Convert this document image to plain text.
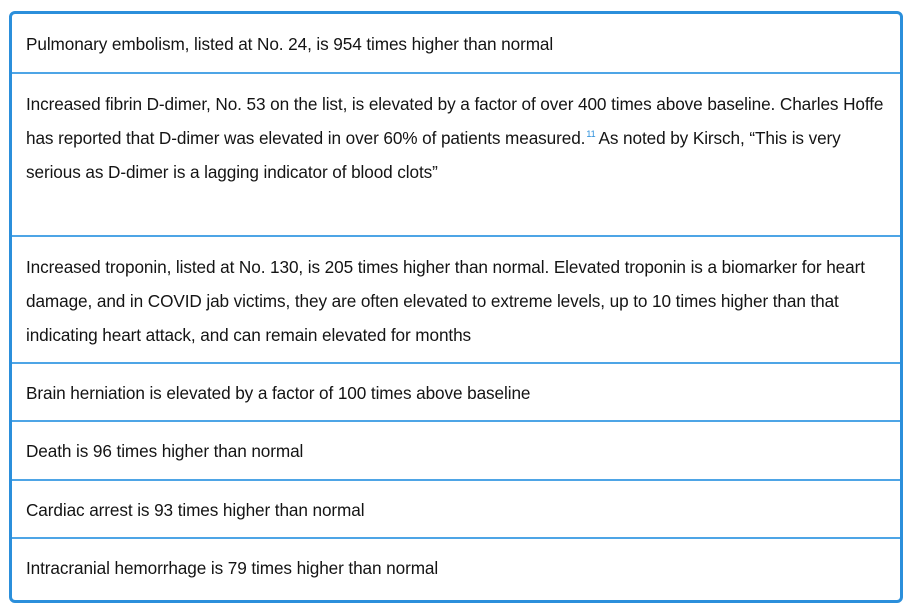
Pulmonary embolism, listed at No. 24, is 954 times higher than normal
Increased fibrin D-dimer, No. 53 on the list, is elevated by a factor of over 400 times above baseline. Charles Hoffe has reported that D-dimer was elevated in over 60% of patients measured.$^{11}$ As noted by Kirsch, “This is very serious as D-dimer is a lagging indicator of blood clots”
Increased troponin, listed at No. 130, is 205 times higher than normal. Elevated troponin is a biomarker for heart damage, and in COVID jab victims, they are often elevated to extreme levels, up to 10 times higher than that indicating heart attack, and can remain elevated for months
Brain herniation is elevated by a factor of 100 times above baseline
Death is 96 times higher than normal
Cardiac arrest is 93 times higher than normal
Intracranial hemorrhage is 79 times higher than normal
